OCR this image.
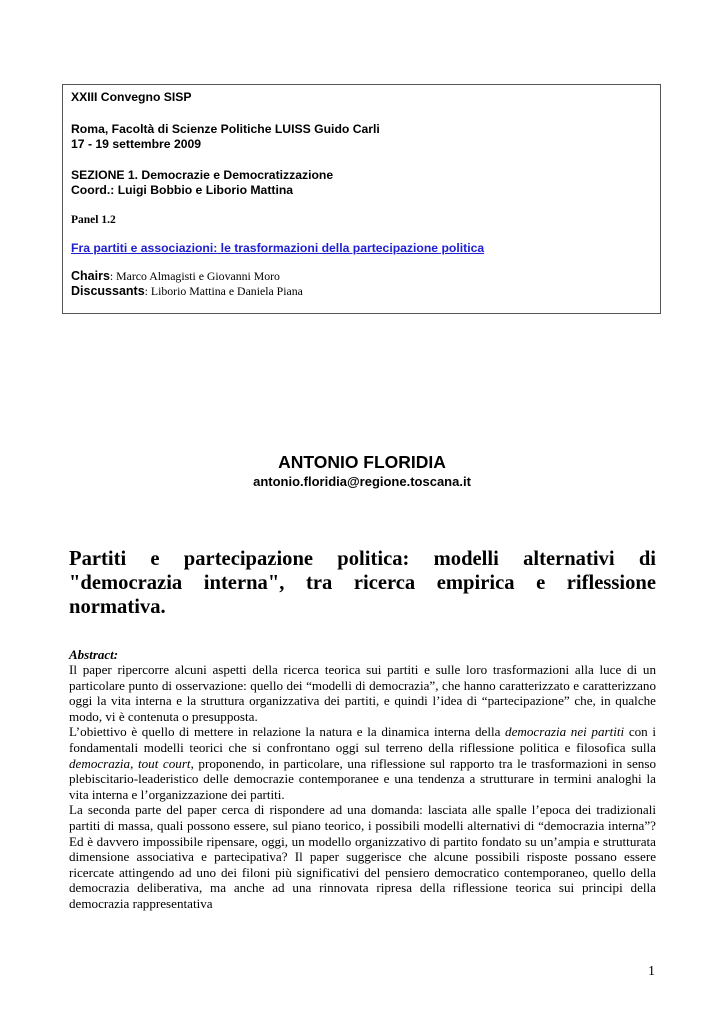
XXIII Convegno SISP
Roma, Facoltà di Scienze Politiche LUISS Guido Carli
17 - 19 settembre 2009
SEZIONE 1. Democrazie e Democratizzazione
Coord.: Luigi Bobbio e Liborio Mattina
Panel 1.2
Fra partiti e associazioni: le trasformazioni della partecipazione politica
Chairs: Marco Almagisti e Giovanni Moro
Discussants: Liborio Mattina e Daniela Piana
ANTONIO FLORIDIA
antonio.floridia@regione.toscana.it
Partiti e partecipazione politica: modelli alternativi di "democrazia interna", tra ricerca empirica e riflessione normativa.
Abstract:

Il paper ripercorre alcuni aspetti della ricerca teorica sui partiti e sulle loro trasformazioni alla luce di un particolare punto di osservazione: quello dei “modelli di democrazia”, che hanno caratterizzato e caratterizzano oggi la vita interna e la struttura organizzativa dei partiti, e quindi l’idea di “partecipazione” che, in qualche modo, vi è contenuta o presupposta.

L’obiettivo è quello di mettere in relazione la natura e la dinamica interna della democrazia nei partiti con i fondamentali modelli teorici che si confrontano oggi sul terreno della riflessione politica e filosofica sulla democrazia, tout court, proponendo, in particolare, una riflessione sul rapporto tra le trasformazioni in senso plebiscitario-leaderistico delle democrazie contemporanee e una tendenza a strutturare in termini analoghi la vita interna e l’organizzazione dei partiti.

La seconda parte del paper cerca di rispondere ad una domanda: lasciata alle spalle l’epoca dei tradizionali partiti di massa, quali possono essere, sul piano teorico, i possibili modelli alternativi di “democrazia interna”? Ed è davvero impossibile ripensare, oggi, un modello organizzativo di partito fondato su un’ampia e strutturata dimensione associativa e partecipativa? Il paper suggerisce che alcune possibili risposte possano essere ricercate attingendo ad uno dei filoni più significativi del pensiero democratico contemporaneo, quello della democrazia deliberativa, ma anche ad una rinnovata ripresa della riflessione teorica sui principi della democrazia rappresentativa

1
